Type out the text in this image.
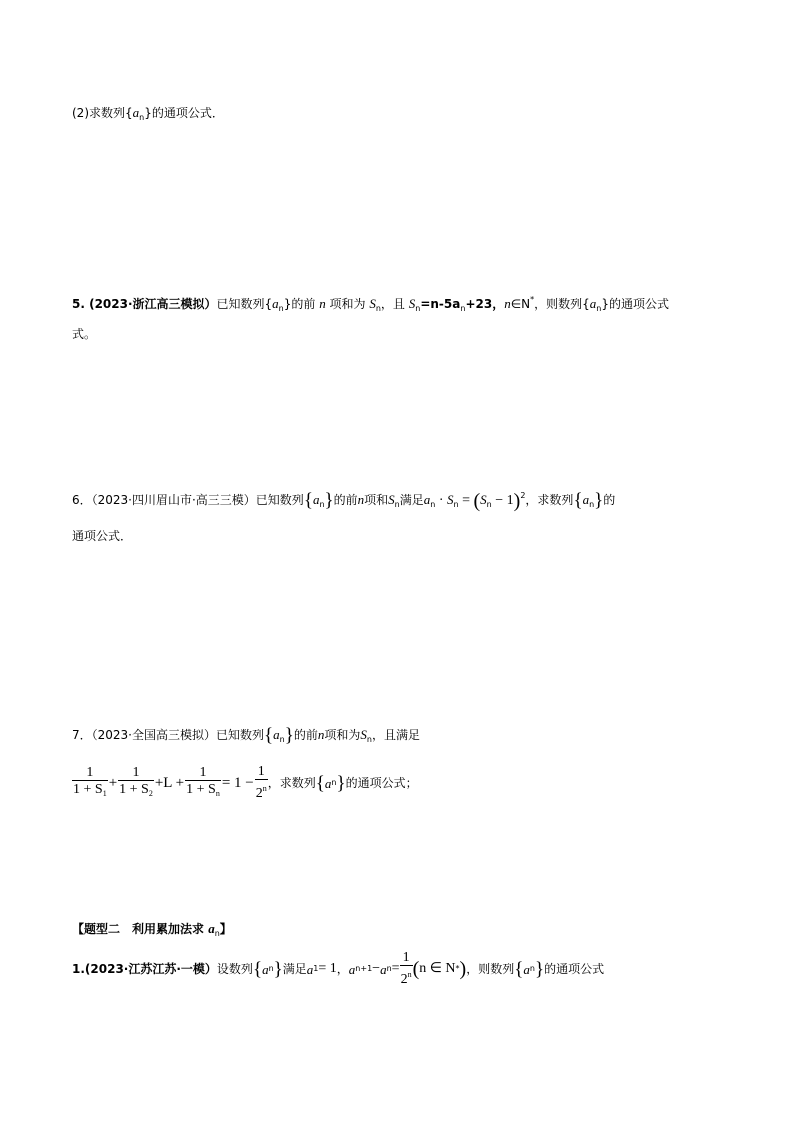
(2)求数列$\{a_n\}$的通项公式．
5. (2023·浙江高三模拟）已知数列$\{a_n\}$的前 n 项和为 $S_n$，且 $S_n=n-5a_n+23$，n∈N*，则数列$\{a_n\}$的通项公式
式。
6．（2023·四川眉山市·高三三模）已知数列$\{a_n\}$的前n项和$S_n$满足$a_n \cdot S_n = (S_n - 1)^2$，求数列$\{a_n\}$的
通项公式．
7．（2023·全国高三模拟）已知数列$\{a_n\}$的前n项和为$S_n$，且满足
$\frac{1}{1 + S_1} + \frac{1}{1 + S_2} +L + \frac{1}{1 + S_n} = 1 - \frac{1}{2^n}$ ，求数列 { a n } 的通项公式；
【题型二　利用累加法求 $a_n$】
1.(2023·江苏江苏·一模） 设数列 { a n } 满足 a 1 = 1 ， a n+1 − a $n = \frac{1}{2^n}$ ( n ∈ N * ) ，则数列 { a n } 的通项公式
